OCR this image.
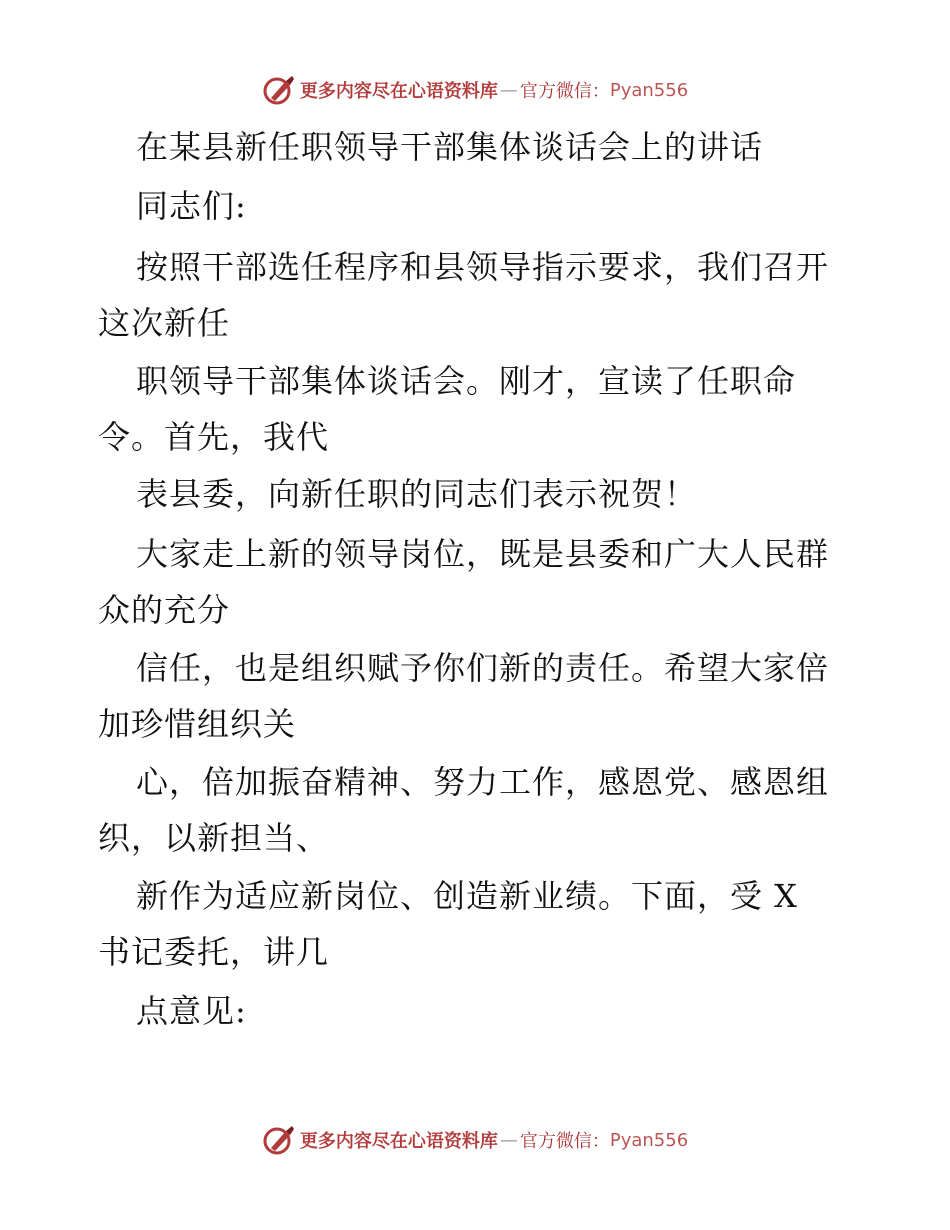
更多内容尽在心语资料库 — 官方微信： Pyan556
在某县新任职领导干部集体谈话会上的讲话
同志们:
按照干部选任程序和县领导指示要求，我们召开
这次新任
职领导干部集体谈话会。刚才，宣读了任职命
令。首先，我代
表县委，向新任职的同志们表示祝贺！
大家走上新的领导岗位，既是县委和广大人民群
众的充分
信任，也是组织赋予你们新的责任。希望大家倍
加珍惜组织关
心，倍加振奋精神、努力工作，感恩党、感恩组
织，以新担当、
新作为适应新岗位、创造新业绩。下面，受 X
书记委托，讲几
点意见:
更多内容尽在心语资料库 — 官方微信： Pyan556
